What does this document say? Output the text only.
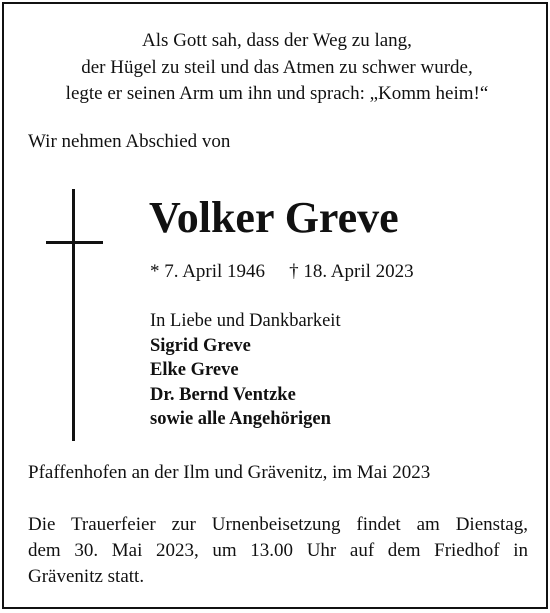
Als Gott sah, dass der Weg zu lang,
der Hügel zu steil und das Atmen zu schwer wurde,
legte er seinen Arm um ihn und sprach: „Komm heim!“
Wir nehmen Abschied von
Volker Greve
* 7. April 1946 † 18. April 2023
In Liebe und Dankbarkeit
Sigrid Greve
Elke Greve
Dr. Bernd Ventzke
sowie alle Angehörigen
Pfaffenhofen an der Ilm und Grävenitz, im Mai 2023
Die Trauerfeier zur Urnenbeisetzung findet am Dienstag,
dem 30. Mai 2023, um 13.00 Uhr auf dem Friedhof in
Grävenitz statt.
